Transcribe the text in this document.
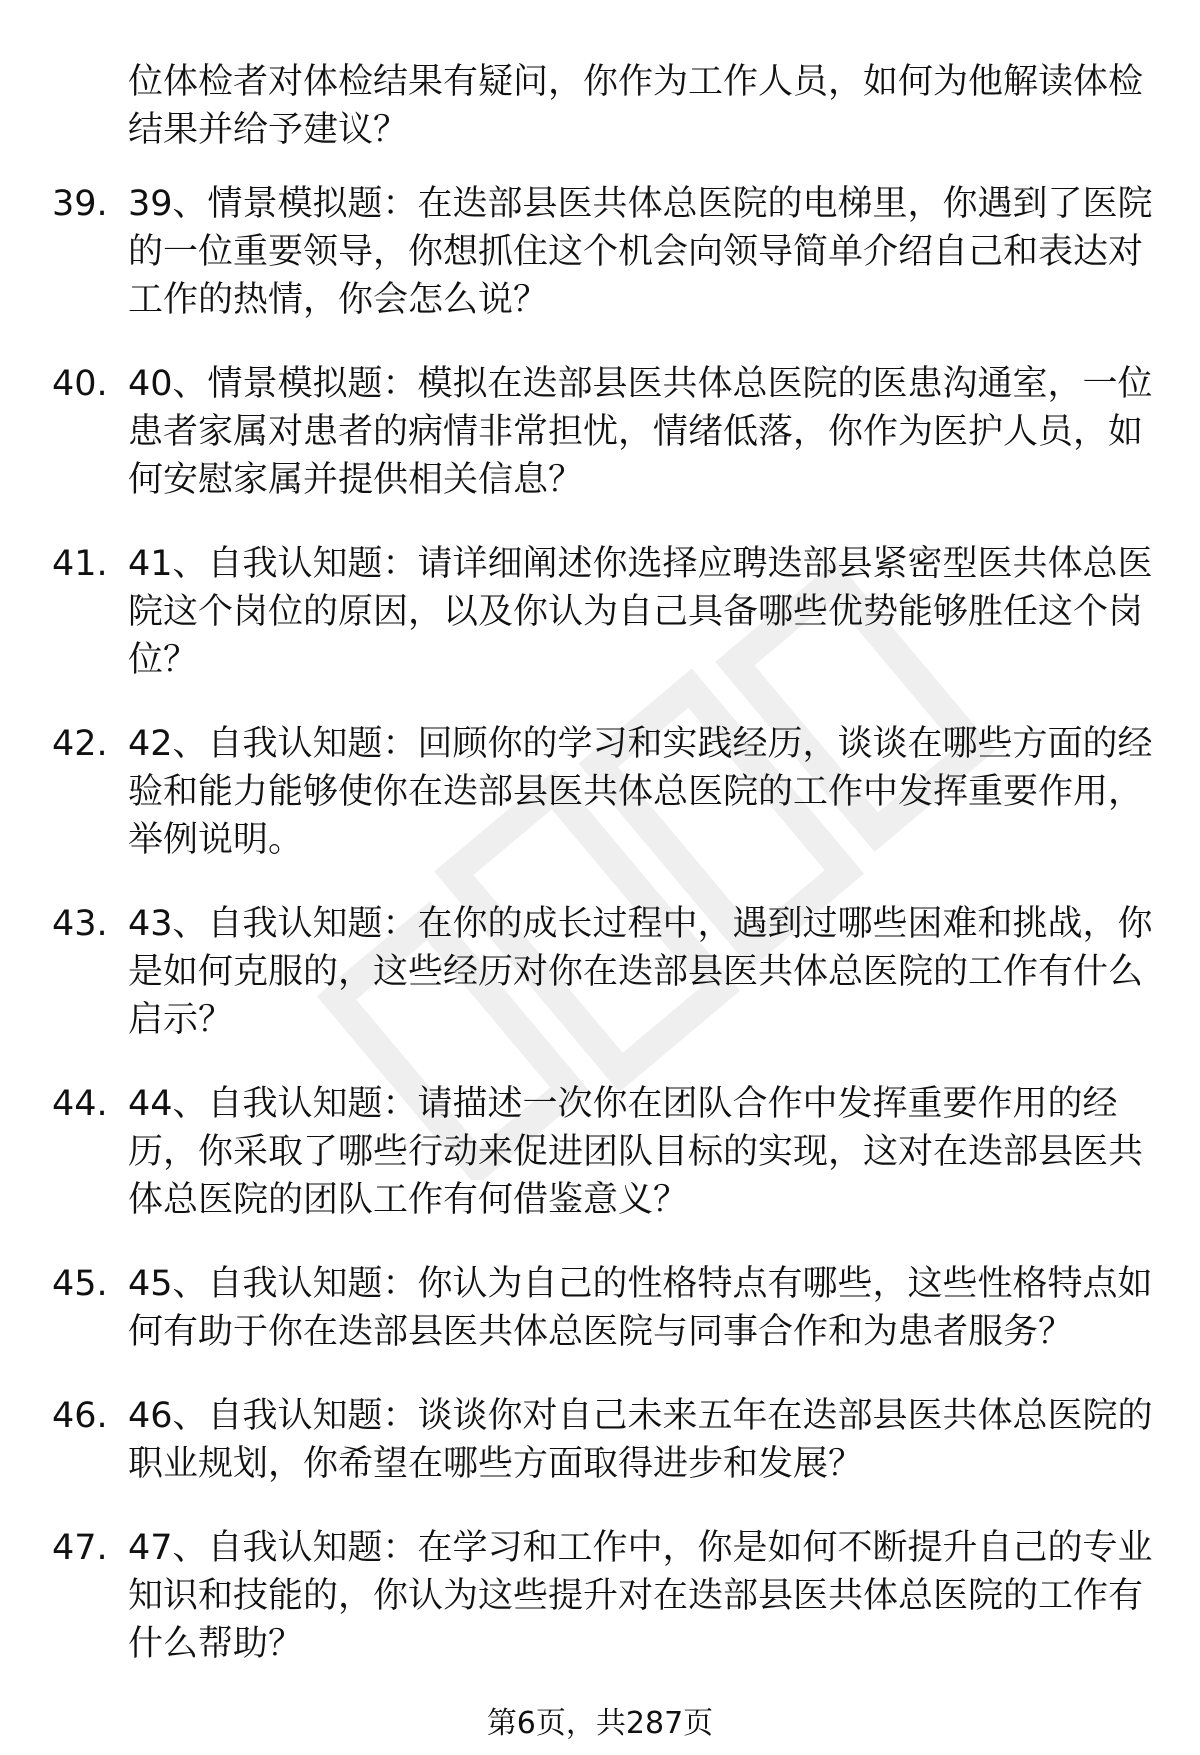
位体检者对体检结果有疑问，你作为工作人员，如何为他解读体检结果并给予建议？
39. 39、情景模拟题：在迭部县医共体总医院的电梯里，你遇到了医院的一位重要领导，你想抓住这个机会向领导简单介绍自己和表达对工作的热情，你会怎么说？
40. 40、情景模拟题：模拟在迭部县医共体总医院的医患沟通室，一位患者家属对患者的病情非常担忧，情绪低落，你作为医护人员，如何安慰家属并提供相关信息？
41. 41、自我认知题：请详细阐述你选择应聘迭部县紧密型医共体总医院这个岗位的原因，以及你认为自己具备哪些优势能够胜任这个岗位？
42. 42、自我认知题：回顾你的学习和实践经历，谈谈在哪些方面的经验和能力能够使你在迭部县医共体总医院的工作中发挥重要作用，举例说明。
43. 43、自我认知题：在你的成长过程中，遇到过哪些困难和挑战，你是如何克服的，这些经历对你在迭部县医共体总医院的工作有什么启示？
44. 44、自我认知题：请描述一次你在团队合作中发挥重要作用的经历，你采取了哪些行动来促进团队目标的实现，这对在迭部县医共体总医院的团队工作有何借鉴意义？
45. 45、自我认知题：你认为自己的性格特点有哪些，这些性格特点如何有助于你在迭部县医共体总医院与同事合作和为患者服务？
46. 46、自我认知题：谈谈你对自己未来五年在迭部县医共体总医院的职业规划，你希望在哪些方面取得进步和发展？
47. 47、自我认知题：在学习和工作中，你是如何不断提升自己的专业知识和技能的，你认为这些提升对在迭部县医共体总医院的工作有什么帮助？
第6页，共287页
